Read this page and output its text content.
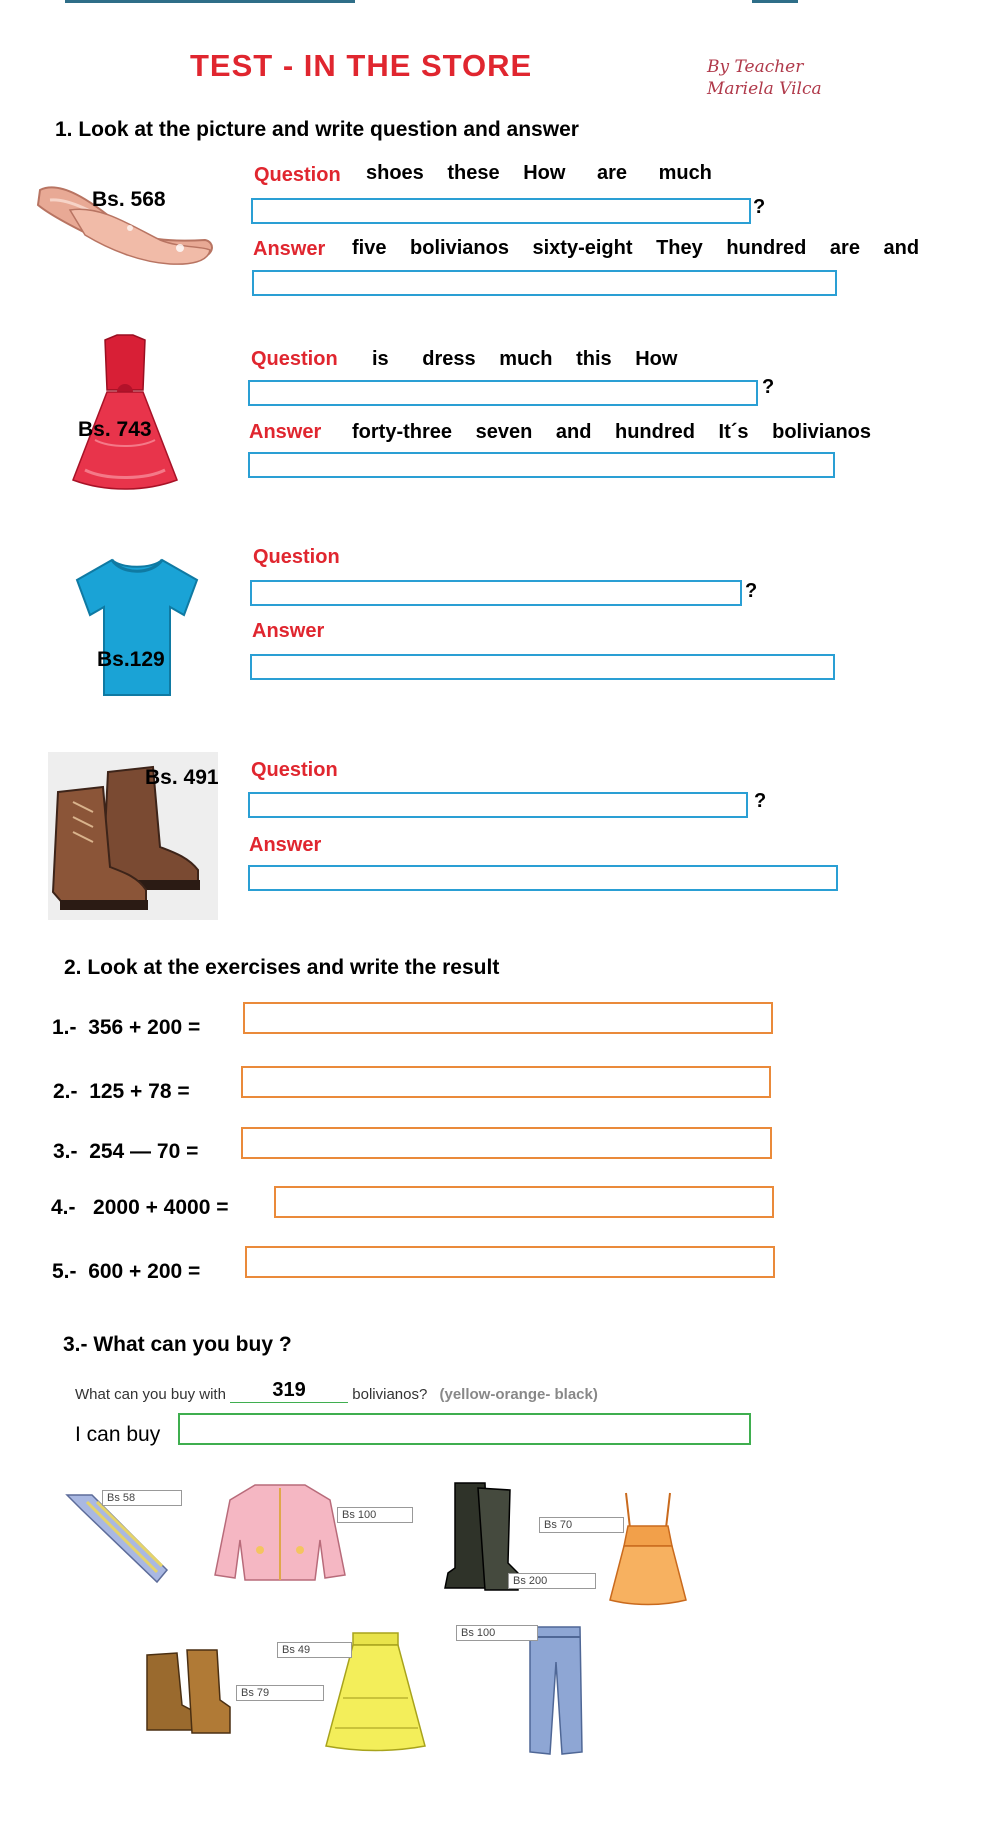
TEST - IN THE STORE	By Teacher
Mariela Vilca
1. Look at the picture and write question and answer
Bs. 568
Question shoes these How are much
?
Answer five bolivianos sixty-eight They hundred are and
Bs. 743
Question is dress much this How
?
Answer forty-three seven and hundred It´s bolivianos
Bs.129
Question
?
Answer
Bs. 491 Question
?
Answer
2. Look at the exercises and write the result
1.- 356 + 200 =
2.- 125 + 78 =
3.- 254 — 70 =
4.- 2000 + 4000 =
5.- 600 + 200 =
3.- What can you buy ?
What can you buy with 319	bolivianos? (yellow-orange- black)
I can buy
Bs 58
Bs 100
Bs 70
Bs 200
Bs 79
Bs 49
Bs 100
